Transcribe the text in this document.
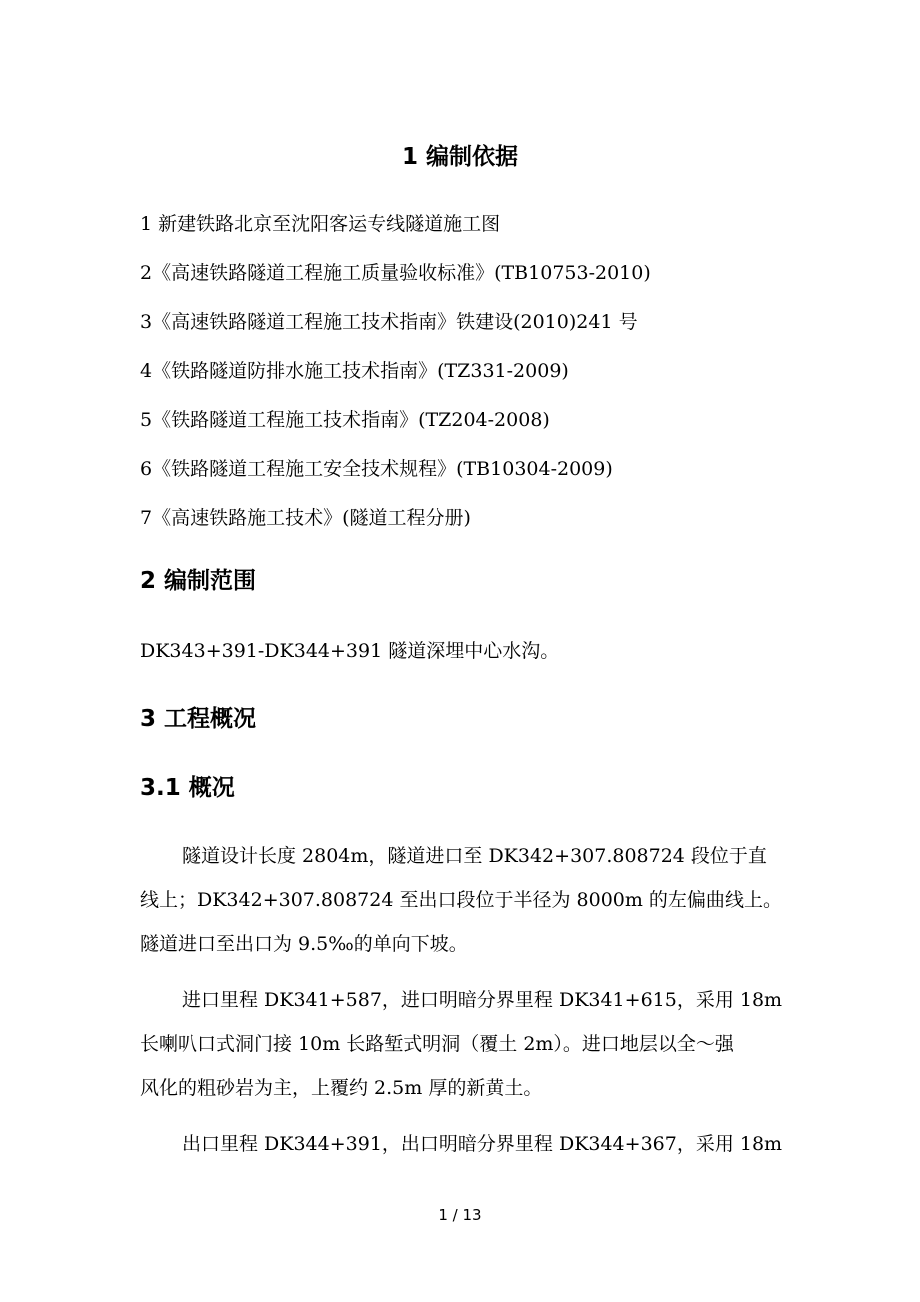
1 编制依据
1 新建铁路北京至沈阳客运专线隧道施工图
2《高速铁路隧道工程施工质量验收标准》(TB10753-2010)
3《高速铁路隧道工程施工技术指南》铁建设(2010)241 号
4《铁路隧道防排水施工技术指南》(TZ331-2009)
5《铁路隧道工程施工技术指南》(TZ204-2008)
6《铁路隧道工程施工安全技术规程》(TB10304-2009)
7《高速铁路施工技术》(隧道工程分册)
2 编制范围
DK343+391-DK344+391 隧道深埋中心水沟。
3 工程概况
3.1 概况
隧道设计长度 2804m，隧道进口至 DK342+307.808724 段位于直
线上；DK342+307.808724 至出口段位于半径为 8000m 的左偏曲线上。
隧道进口至出口为 9.5‰的单向下坡。
进口里程 DK341+587，进口明暗分界里程 DK341+615，采用 18m
长喇叭口式洞门接 10m 长路堑式明洞（覆土 2m）。进口地层以全～强
风化的粗砂岩为主，上覆约 2.5m 厚的新黄土。
出口里程 DK344+391，出口明暗分界里程 DK344+367，采用 18m
1 / 13
